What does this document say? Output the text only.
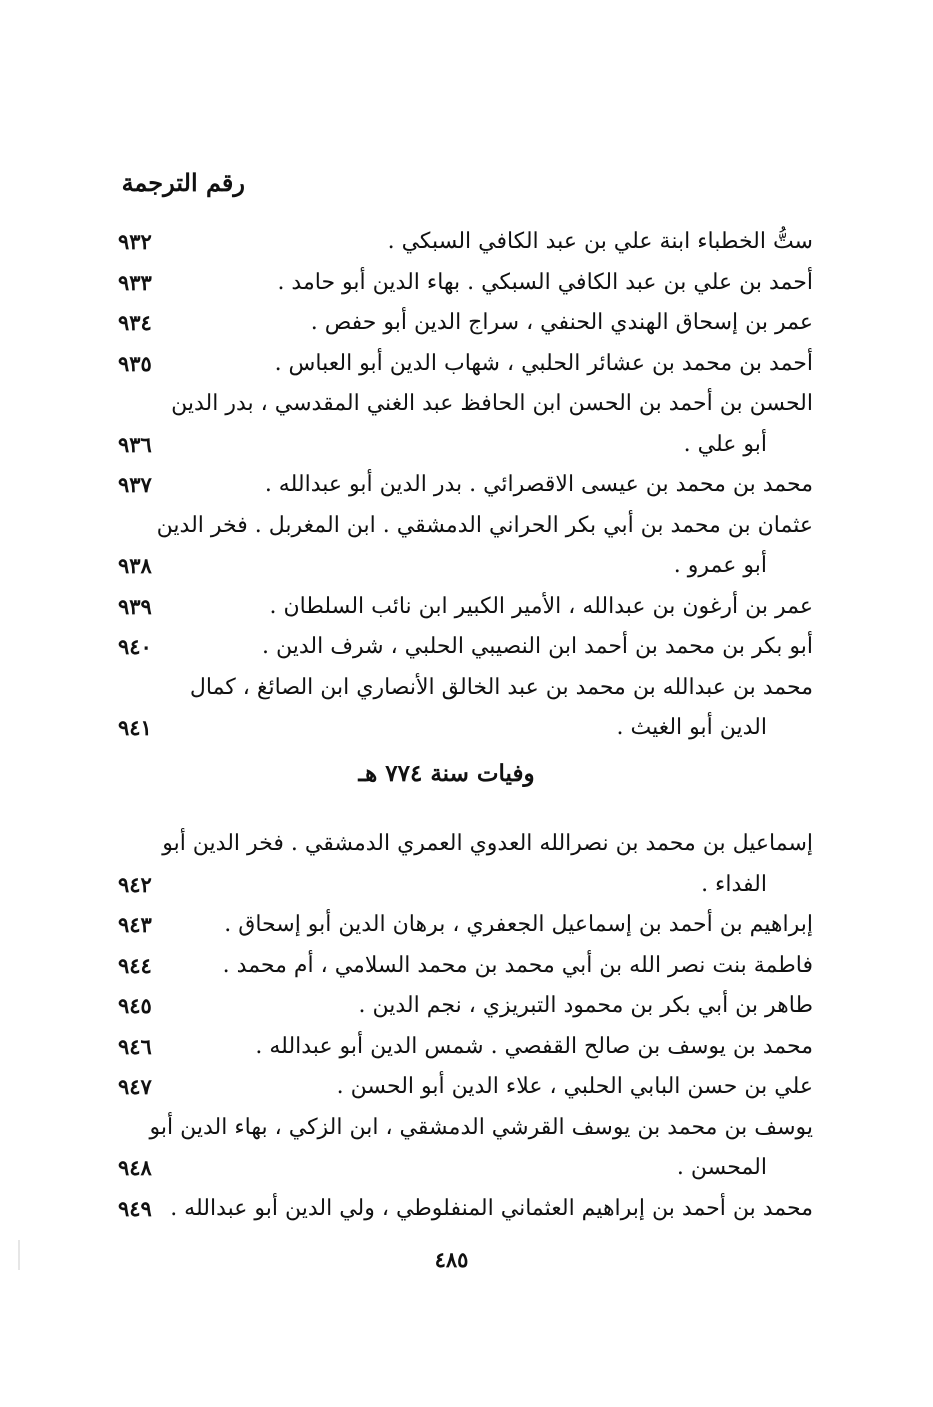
رقم الترجمة
ستُّ الخطباء ابنة علي بن عبد الكافي السبكي .
٩٣٢
أحمد بن علي بن عبد الكافي السبكي . بهاء الدين أبو حامد .
٩٣٣
عمر بن إسحاق الهندي الحنفي ، سراج الدين أبو حفص .
٩٣٤
أحمد بن محمد بن عشائر الحلبي ، شهاب الدين أبو العباس .
٩٣٥
الحسن بن أحمد بن الحسن ابن الحافظ عبد الغني المقدسي ، بدر الدين
أبو علي .
٩٣٦
محمد بن محمد بن عيسى الاقصرائي . بدر الدين أبو عبدالله .
٩٣٧
عثمان بن محمد بن أبي بكر الحراني الدمشقي . ابن المغربل . فخر الدين
أبو عمرو .
٩٣٨
عمر بن أرغون بن عبدالله ، الأمير الكبير ابن نائب السلطان .
٩٣٩
أبو بكر بن محمد بن أحمد ابن النصيبي الحلبي ، شرف الدين .
٩٤٠
محمد بن عبدالله بن محمد بن عبد الخالق الأنصاري ابن الصائغ ، كمال
الدين أبو الغيث .
٩٤١
وفيات سنة ٧٧٤ هـ
إسماعيل بن محمد بن نصرالله العدوي العمري الدمشقي . فخر الدين أبو
الفداء .
٩٤٢
إبراهيم بن أحمد بن إسماعيل الجعفري ، برهان الدين أبو إسحاق .
٩٤٣
فاطمة بنت نصر الله بن أبي محمد بن محمد السلامي ، أم محمد .
٩٤٤
طاهر بن أبي بكر بن محمود التبريزي ، نجم الدين .
٩٤٥
محمد بن يوسف بن صالح القفصي . شمس الدين أبو عبدالله .
٩٤٦
علي بن حسن البابي الحلبي ، علاء الدين أبو الحسن .
٩٤٧
يوسف بن محمد بن يوسف القرشي الدمشقي ، ابن الزكي ، بهاء الدين أبو
المحسن .
٩٤٨
محمد بن أحمد بن إبراهيم العثماني المنفلوطي ، ولي الدين أبو عبدالله .
٩٤٩
٤٨٥
